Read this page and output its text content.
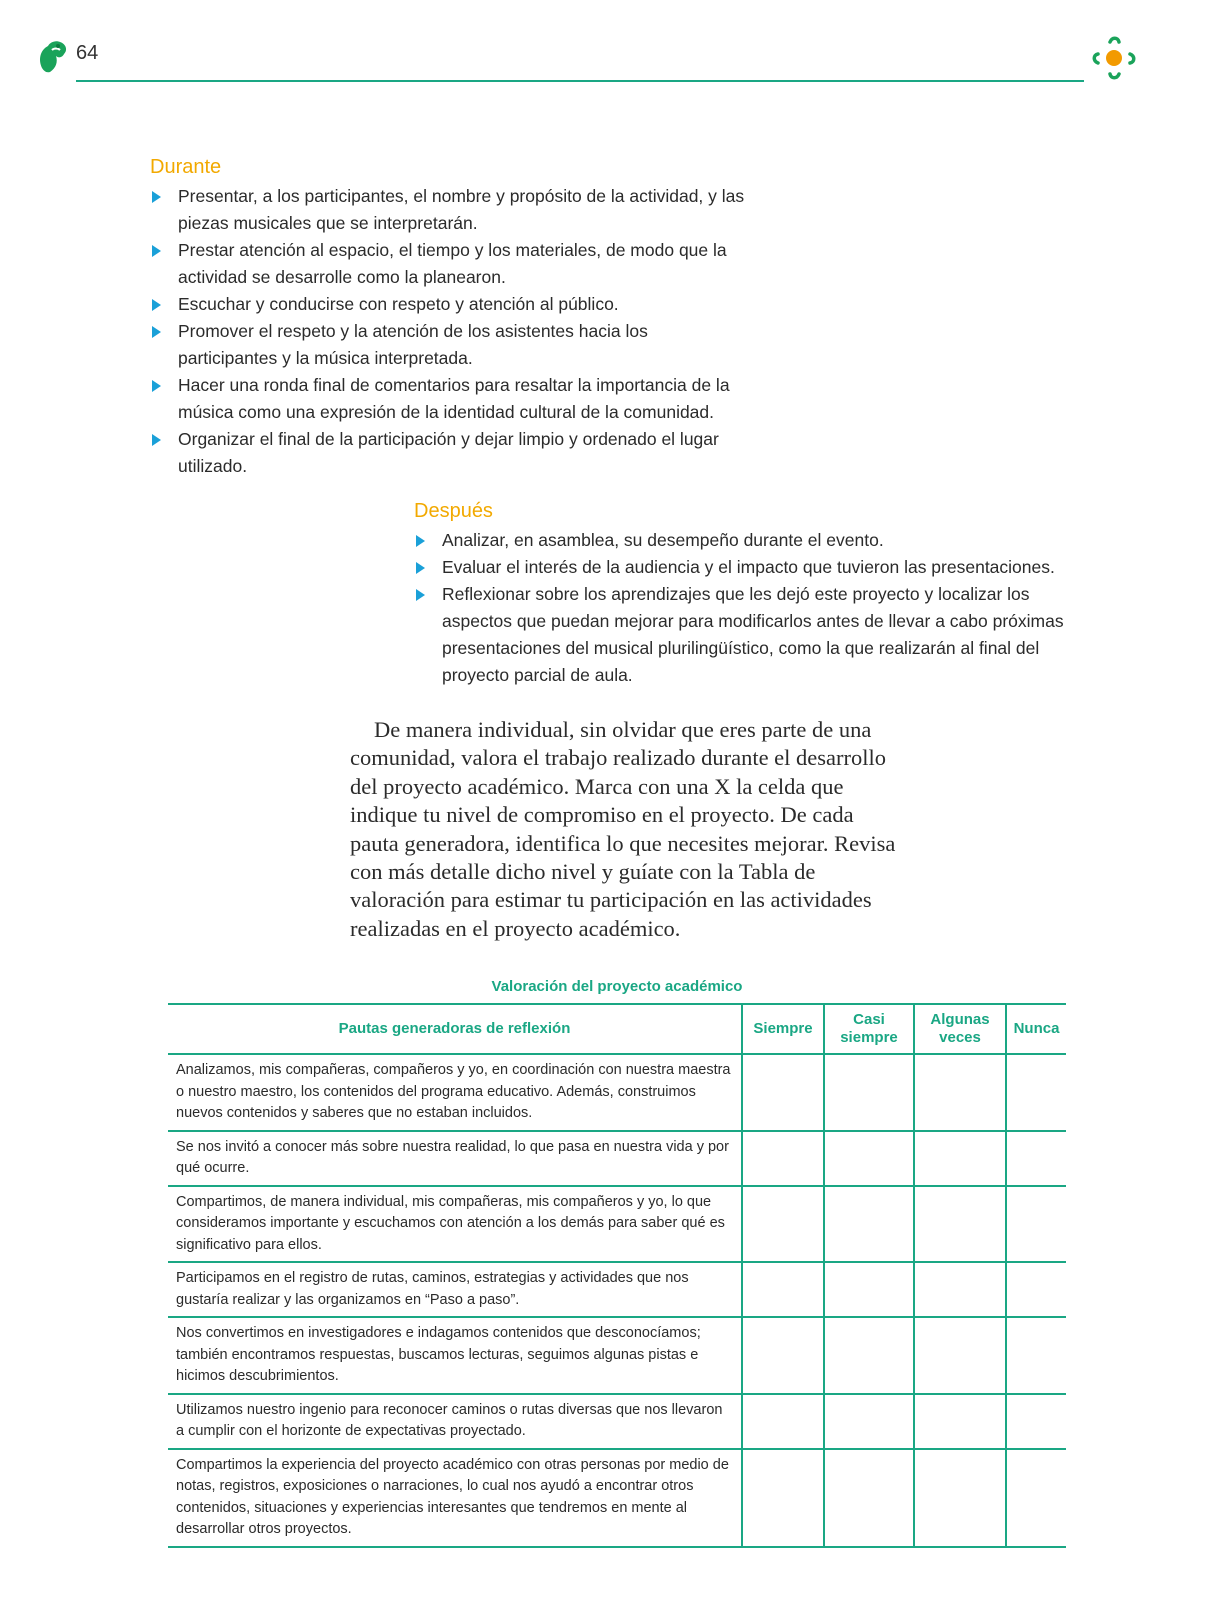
64
Durante
Presentar, a los participantes, el nombre y propósito de la actividad, y las piezas musicales que se interpretarán.
Prestar atención al espacio, el tiempo y los materiales, de modo que la actividad se desarrolle como la planearon.
Escuchar y conducirse con respeto y atención al público.
Promover el respeto y la atención de los asistentes hacia los participantes y la música interpretada.
Hacer una ronda final de comentarios para resaltar la importancia de la música como una expresión de la identidad cultural de la comunidad.
Organizar el final de la participación y dejar limpio y ordenado el lugar utilizado.
Después
Analizar, en asamblea, su desempeño durante el evento.
Evaluar el interés de la audiencia y el impacto que tuvieron las presentaciones.
Reflexionar sobre los aprendizajes que les dejó este proyecto y localizar los aspectos que puedan mejorar para modificarlos antes de llevar a cabo próximas presentaciones del musical plurilingüístico, como la que realizarán al final del proyecto parcial de aula.

De manera individual, sin olvidar que eres parte de una comunidad, valora el trabajo realizado durante el desarrollo del proyecto académico. Marca con una X la celda que indique tu nivel de compromiso en el proyecto. De cada pauta generadora, identifica lo que necesites mejorar. Revisa con más detalle dicho nivel y guíate con la Tabla de valoración para estimar tu participación en las actividades realizadas en el proyecto académico.

Valoración del proyecto académico
Pautas generadoras de reflexión	Siempre	Casi siempre	Algunas veces	Nunca
Analizamos, mis compañeras, compañeros y yo, en coordinación con nuestra maestra o nuestro maestro, los contenidos del programa educativo. Además, construimos nuevos contenidos y saberes que no estaban incluidos.				
Se nos invitó a conocer más sobre nuestra realidad, lo que pasa en nuestra vida y por qué ocurre.				
Compartimos, de manera individual, mis compañeras, mis compañeros y yo, lo que consideramos importante y escuchamos con atención a los demás para saber qué es significativo para ellos.				
Participamos en el registro de rutas, caminos, estrategias y actividades que nos gustaría realizar y las organizamos en “Paso a paso”.				
Nos convertimos en investigadores e indagamos contenidos que desconocíamos; también encontramos respuestas, buscamos lecturas, seguimos algunas pistas e hicimos descubrimientos.				
Utilizamos nuestro ingenio para reconocer caminos o rutas diversas que nos llevaron a cumplir con el horizonte de expectativas proyectado.				
Compartimos la experiencia del proyecto académico con otras personas por medio de notas, registros, exposiciones o narraciones, lo cual nos ayudó a encontrar otros contenidos, situaciones y experiencias interesantes que tendremos en mente al desarrollar otros proyectos.				
